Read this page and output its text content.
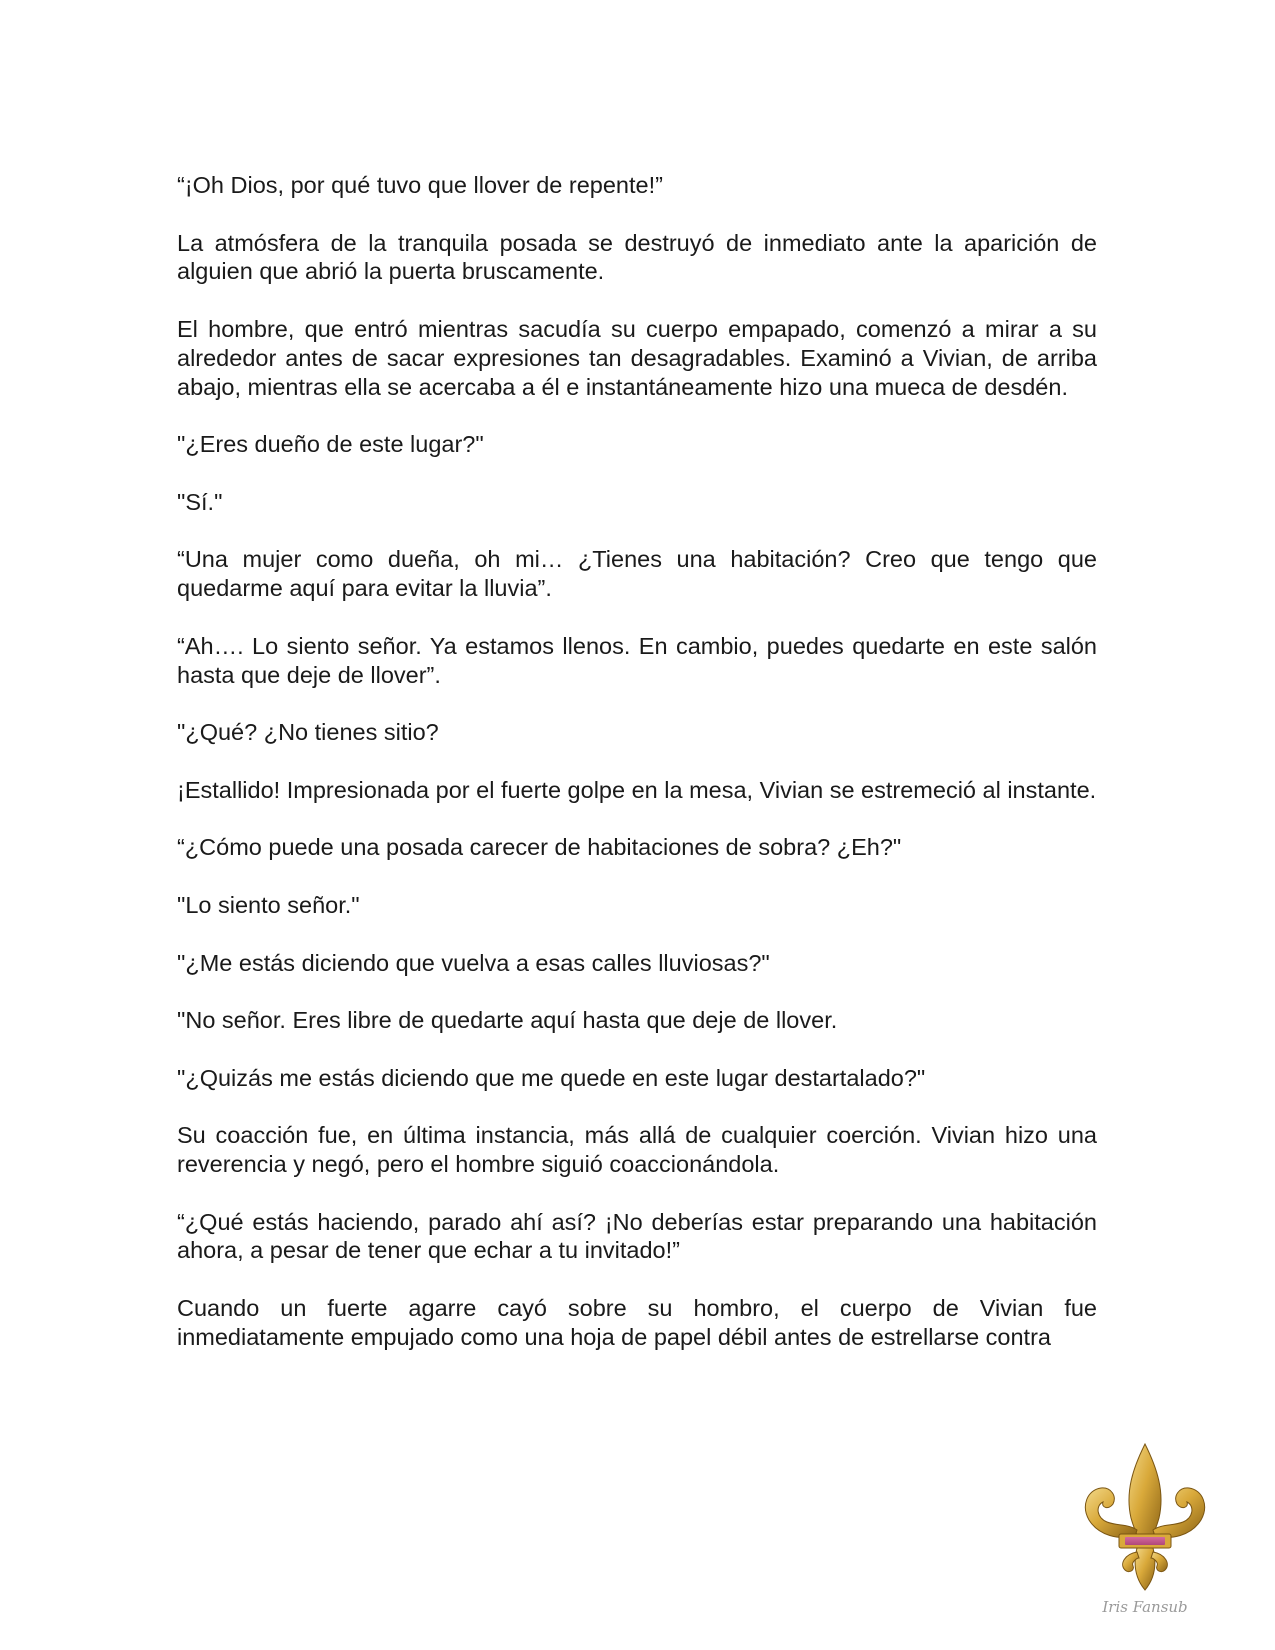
“¡Oh Dios, por qué tuvo que llover de repente!”

La atmósfera de la tranquila posada se destruyó de inmediato ante la aparición de alguien que abrió la puerta bruscamente.

El hombre, que entró mientras sacudía su cuerpo empapado, comenzó a mirar a su alrededor antes de sacar expresiones tan desagradables. Examinó a Vivian, de arriba abajo, mientras ella se acercaba a él e instantáneamente hizo una mueca de desdén.

"¿Eres dueño de este lugar?"

"Sí."

“Una mujer como dueña, oh mi… ¿Tienes una habitación? Creo que tengo que quedarme aquí para evitar la lluvia”.

“Ah…. Lo siento señor. Ya estamos llenos. En cambio, puedes quedarte en este salón hasta que deje de llover”.

"¿Qué? ¿No tienes sitio?

¡Estallido! Impresionada por el fuerte golpe en la mesa, Vivian se estremeció al instante.

“¿Cómo puede una posada carecer de habitaciones de sobra? ¿Eh?"

"Lo siento señor."

"¿Me estás diciendo que vuelva a esas calles lluviosas?"

"No señor. Eres libre de quedarte aquí hasta que deje de llover.

"¿Quizás me estás diciendo que me quede en este lugar destartalado?"

Su coacción fue, en última instancia, más allá de cualquier coerción. Vivian hizo una reverencia y negó, pero el hombre siguió coaccionándola.

“¿Qué estás haciendo, parado ahí así? ¡No deberías estar preparando una habitación ahora, a pesar de tener que echar a tu invitado!”

Cuando un fuerte agarre cayó sobre su hombro, el cuerpo de Vivian fue inmediatamente empujado como una hoja de papel débil antes de estrellarse contra

Iris Fansub
